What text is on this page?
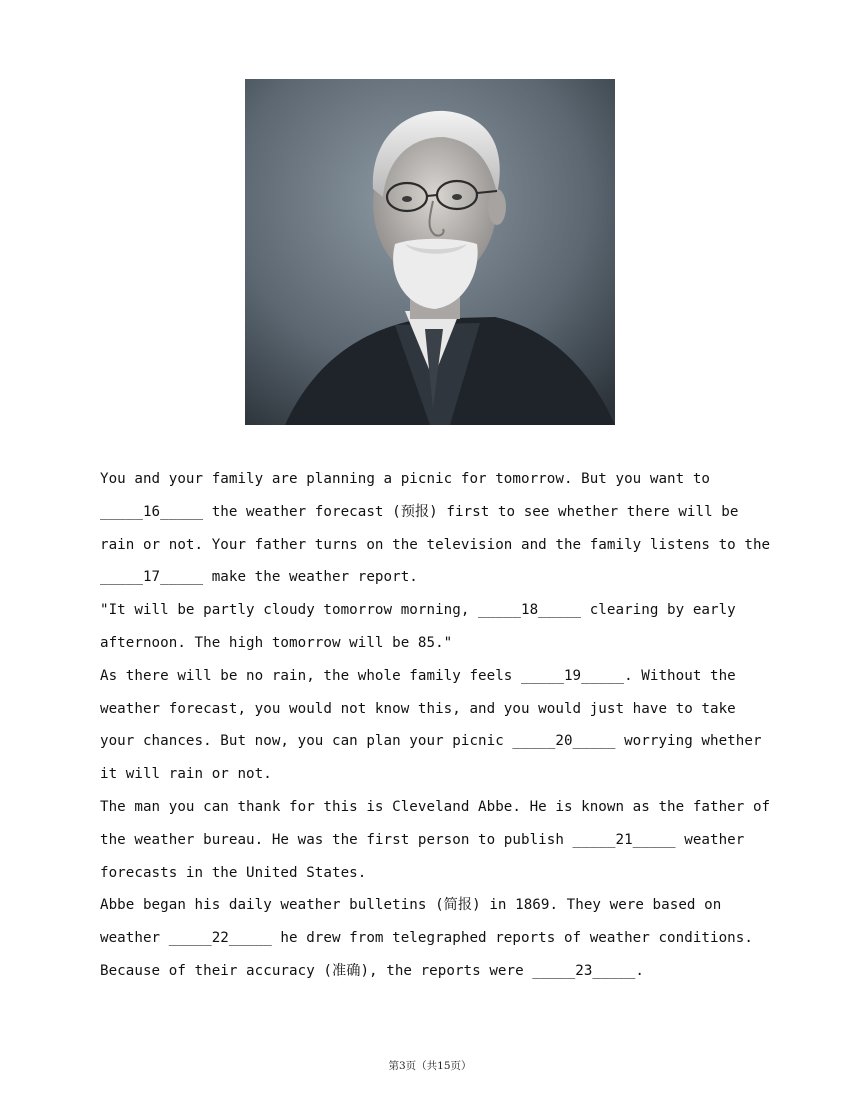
You and your family are planning a picnic for tomorrow. But you want to
_____16_____ the weather forecast (预报) first to see whether there will be
rain or not. Your father turns on the television and the family listens to the
_____17_____ make the weather report.
"It will be partly cloudy tomorrow morning, _____18_____ clearing by early
afternoon. The high tomorrow will be 85."
As there will be no rain, the whole family feels _____19_____. Without the
weather forecast, you would not know this, and you would just have to take
your chances. But now, you can plan your picnic _____20_____ worrying whether
it will rain or not.
The man you can thank for this is Cleveland Abbe. He is known as the father of
the weather bureau. He was the first person to publish _____21_____ weather
forecasts in the United States.
Abbe began his daily weather bulletins (简报) in 1869. They were based on
weather _____22_____ he drew from telegraphed reports of weather conditions.
Because of their accuracy (准确), the reports were _____23_____.
第3页（共15页）
